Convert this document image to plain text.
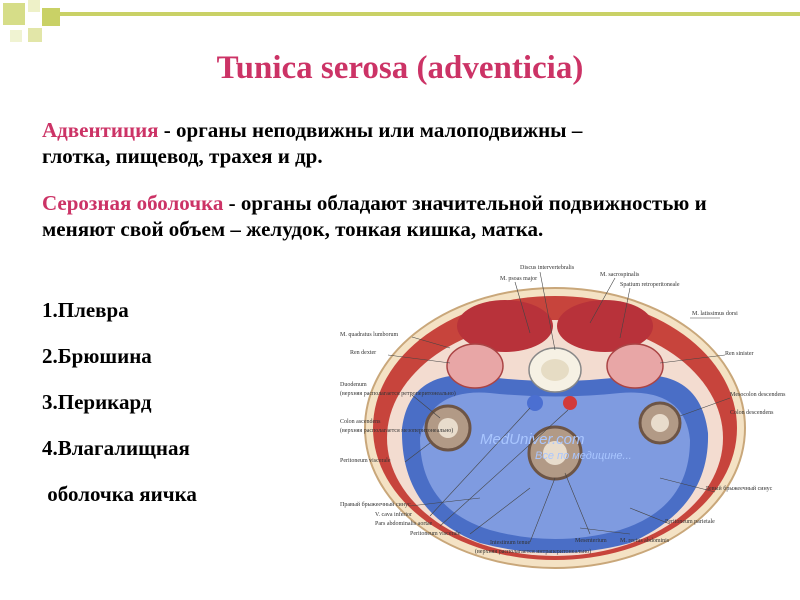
Tunica serosa (adventicia)
Адвентиция - органы неподвижны или малоподвижны – глотка, пищевод, трахея и др.
Серозная оболочка - органы обладают значительной подвижностью и меняют свой объем – желудок, тонкая кишка, матка.
1.Плевра
2.Брюшина
3.Перикард
4.Влагалищная
оболочка яичка
MedUniver.com
Все по медицине...
Discus intervertebralis
M. psoas major
M. sacrospinalis
Spatium retroperitoneale
M. latissimus dorsi
M. quadratus lumborum
Ren dexter	Ren sinister
Duodenum
(верхняя располагается ретроперитонеально)
Colon ascendens
(верхняя располагается мезоперитонеально)
Peritoneum viscerale
Mesocolon descendens
Colon descendens
Правый брыжеечный синус
V. cava inferior
Pars abdominalis aortae
Peritoneum viscerale
Intestinum tenue
(верхняя располагается интраперитонеально)
Mesenterium M. rectus abdominis
Peritoneum parietale
Левый брыжеечный синус
